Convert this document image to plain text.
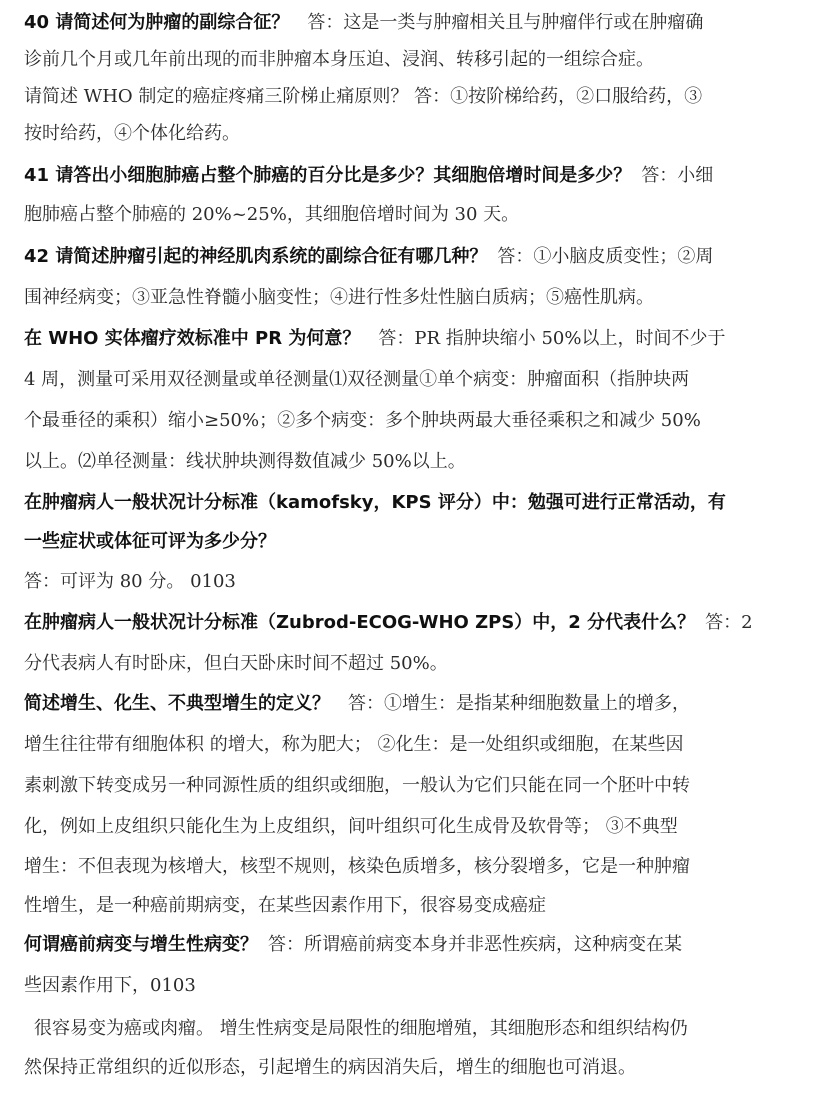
40 请简述何为肿瘤的副综合征？ 答：这是一类与肿瘤相关且与肿瘤伴行或在肿瘤确
诊前几个月或几年前出现的而非肿瘤本身压迫、浸润、转移引起的一组综合症。
请简述 WHO 制定的癌症疼痛三阶梯止痛原则？ 答：①按阶梯给药，②口服给药，③
按时给药，④个体化给药。
41 请答出小细胞肺癌占整个肺癌的百分比是多少？其细胞倍增时间是多少？ 答：小细
胞肺癌占整个肺癌的 20%~25%，其细胞倍增时间为 30 天。
42 请简述肿瘤引起的神经肌肉系统的副综合征有哪几种？ 答：①小脑皮质变性；②周
围神经病变；③亚急性脊髓小脑变性；④进行性多灶性脑白质病；⑤癌性肌病。
在 WHO 实体瘤疗效标准中 PR 为何意？ 答：PR 指肿块缩小 50%以上，时间不少于
4 周，测量可采用双径测量或单径测量⑴双径测量①单个病变：肿瘤面积（指肿块两
个最垂径的乘积）缩小≥50%；②多个病变：多个肿块两最大垂径乘积之和减少 50%
以上。⑵单径测量：线状肿块测得数值减少 50%以上。
在肿瘤病人一般状况计分标准（kamofsky，KPS 评分）中：勉强可进行正常活动，有
一些症状或体征可评为多少分？
答：可评为 80 分。 0103
在肿瘤病人一般状况计分标准（Zubrod-ECOG-WHO ZPS）中，2 分代表什么？ 答：2
分代表病人有时卧床，但白天卧床时间不超过 50%。
简述增生、化生、不典型增生的定义？ 答：①增生：是指某种细胞数量上的增多，
增生往往带有细胞体积 的增大，称为肥大； ②化生：是一处组织或细胞，在某些因
素刺激下转变成另一种同源性质的组织或细胞，一般认为它们只能在同一个胚叶中转
化，例如上皮组织只能化生为上皮组织，间叶组织可化生成骨及软骨等； ③不典型
增生：不但表现为核增大，核型不规则，核染色质增多，核分裂增多，它是一种肿瘤
性增生，是一种癌前期病变，在某些因素作用下，很容易变成癌症
何谓癌前病变与增生性病变？ 答：所谓癌前病变本身并非恶性疾病，这种病变在某
些因素作用下，0103
很容易变为癌或肉瘤。 增生性病变是局限性的细胞增殖，其细胞形态和组织结构仍
然保持正常组织的近似形态，引起增生的病因消失后，增生的细胞也可消退。
